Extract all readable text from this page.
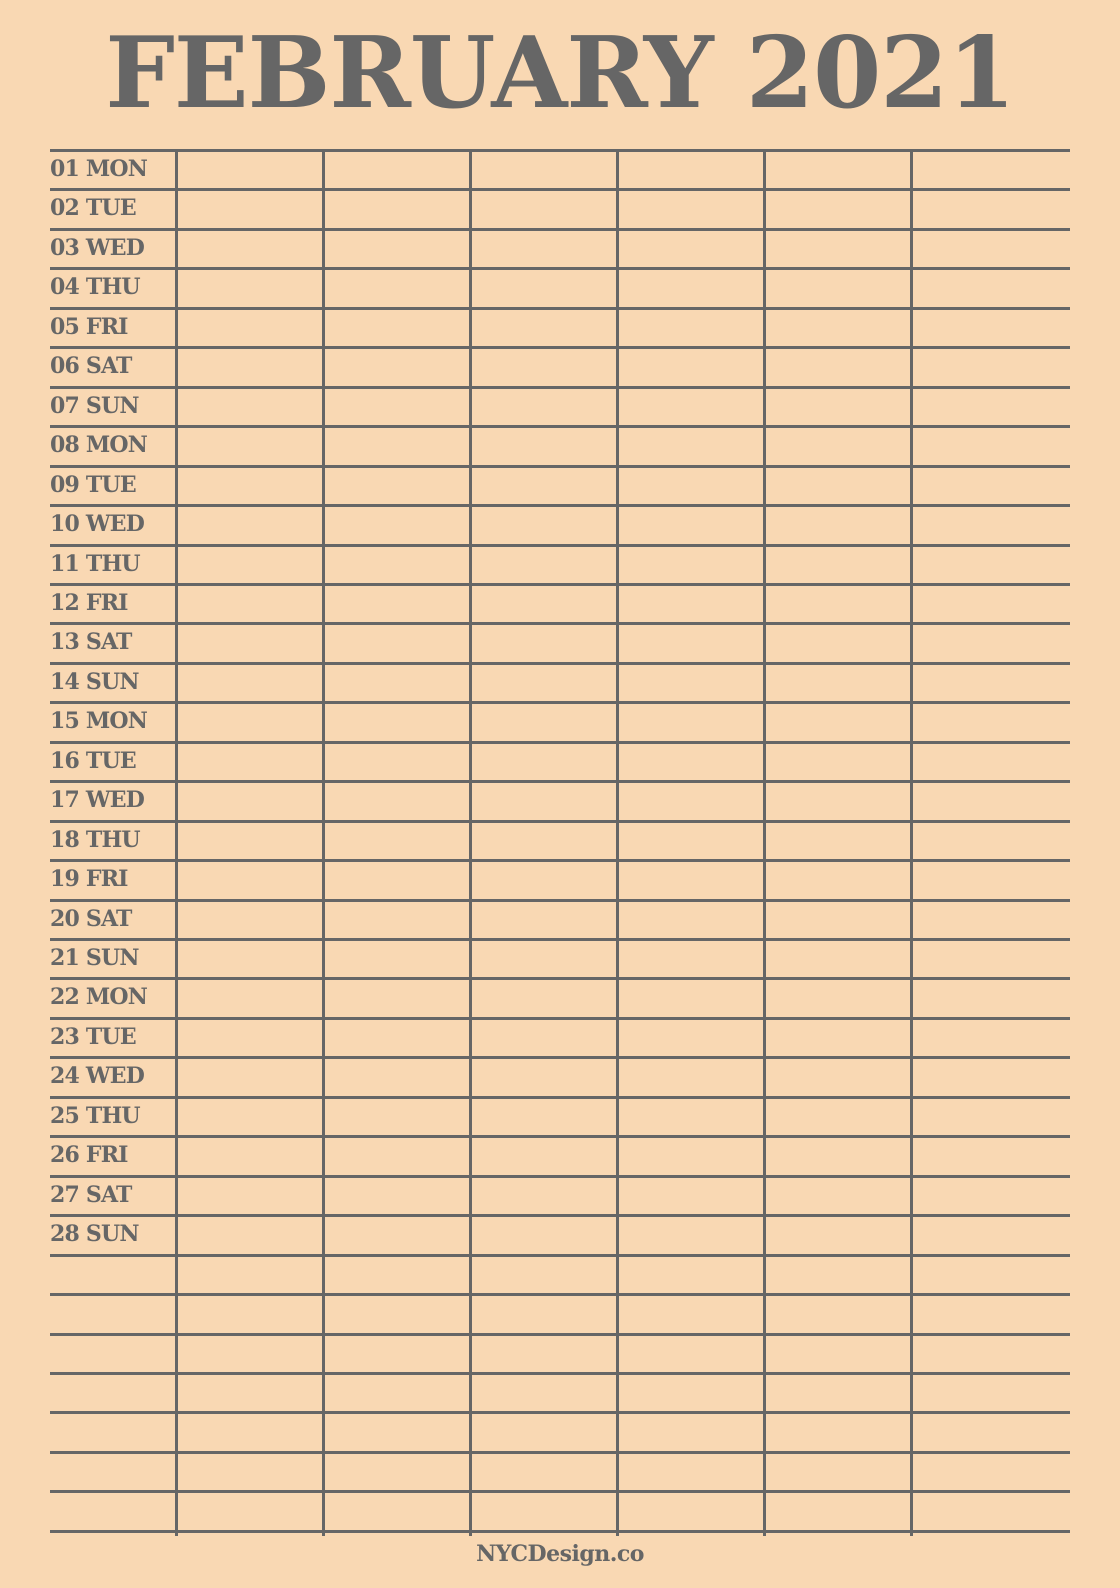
FEBRUARY 2021
01 MON
02 TUE
03 WED
04 THU
05 FRI
06 SAT
07 SUN
08 MON
09 TUE
10 WED
11 THU
12 FRI
13 SAT
14 SUN
15 MON
16 TUE
17 WED
18 THU
19 FRI
20 SAT
21 SUN
22 MON
23 TUE
24 WED
25 THU
26 FRI
27 SAT
28 SUN
NYCDesign.co
